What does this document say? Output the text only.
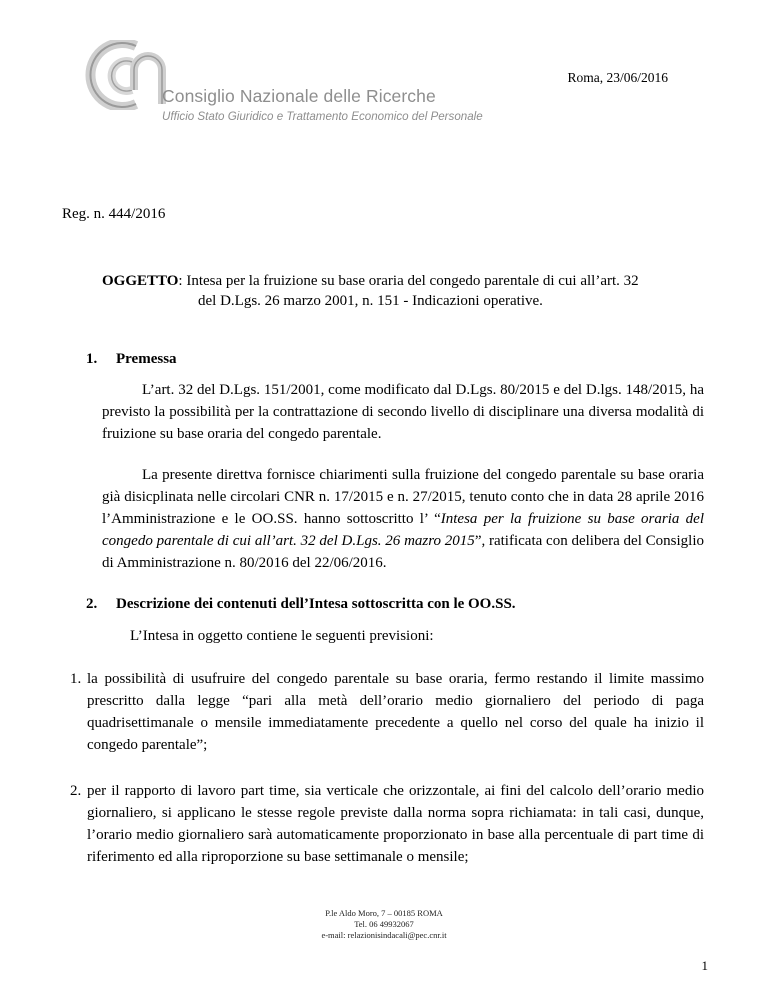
Consiglio Nazionale delle Ricerche
Ufficio Stato Giuridico e Trattamento Economico del Personale
Roma, 23/06/2016
Reg. n. 444/2016
OGGETTO: Intesa per la fruizione su base oraria del congedo parentale di cui all’art. 32
del D.Lgs. 26 marzo 2001, n. 151 - Indicazioni operative.
1. Premessa
L’art. 32 del D.Lgs. 151/2001, come modificato dal D.Lgs. 80/2015 e del D.lgs. 148/2015, ha previsto la possibilità per la contrattazione di secondo livello di disciplinare una diversa modalità di fruizione su base oraria del congedo parentale.
La presente direttva fornisce chiarimenti sulla fruizione del congedo parentale su base oraria già disicplinata nelle circolari CNR n. 17/2015 e n. 27/2015, tenuto conto che in data 28 aprile 2016 l’Amministrazione e le OO.SS. hanno sottoscritto l’ “Intesa per la fruizione su base oraria del congedo parentale di cui all’art. 32 del D.Lgs. 26 mazro 2015”, ratificata con delibera del Consiglio di Amministrazione n. 80/2016 del 22/06/2016.
2. Descrizione dei contenuti dell’Intesa sottoscritta con le OO.SS.
L’Intesa in oggetto contiene le seguenti previsioni:
1. la possibilità di usufruire del congedo parentale su base oraria, fermo restando il limite massimo prescritto dalla legge “pari alla metà dell’orario medio giornaliero del periodo di paga quadrisettimanale o mensile immediatamente precedente a quello nel corso del quale ha inizio il congedo parentale”;
2. per il rapporto di lavoro part time, sia verticale che orizzontale, ai fini del calcolo dell’orario medio giornaliero, si applicano le stesse regole previste dalla norma sopra richiamata: in tali casi, dunque, l’orario medio giornaliero sarà automaticamente proporzionato in base alla percentuale di part time di riferimento ed alla riproporzione su base settimanale o mensile;
P.le Aldo Moro, 7 – 00185 ROMA
Tel. 06 49932067
e-mail: relazionisindacali@pec.cnr.it
1
